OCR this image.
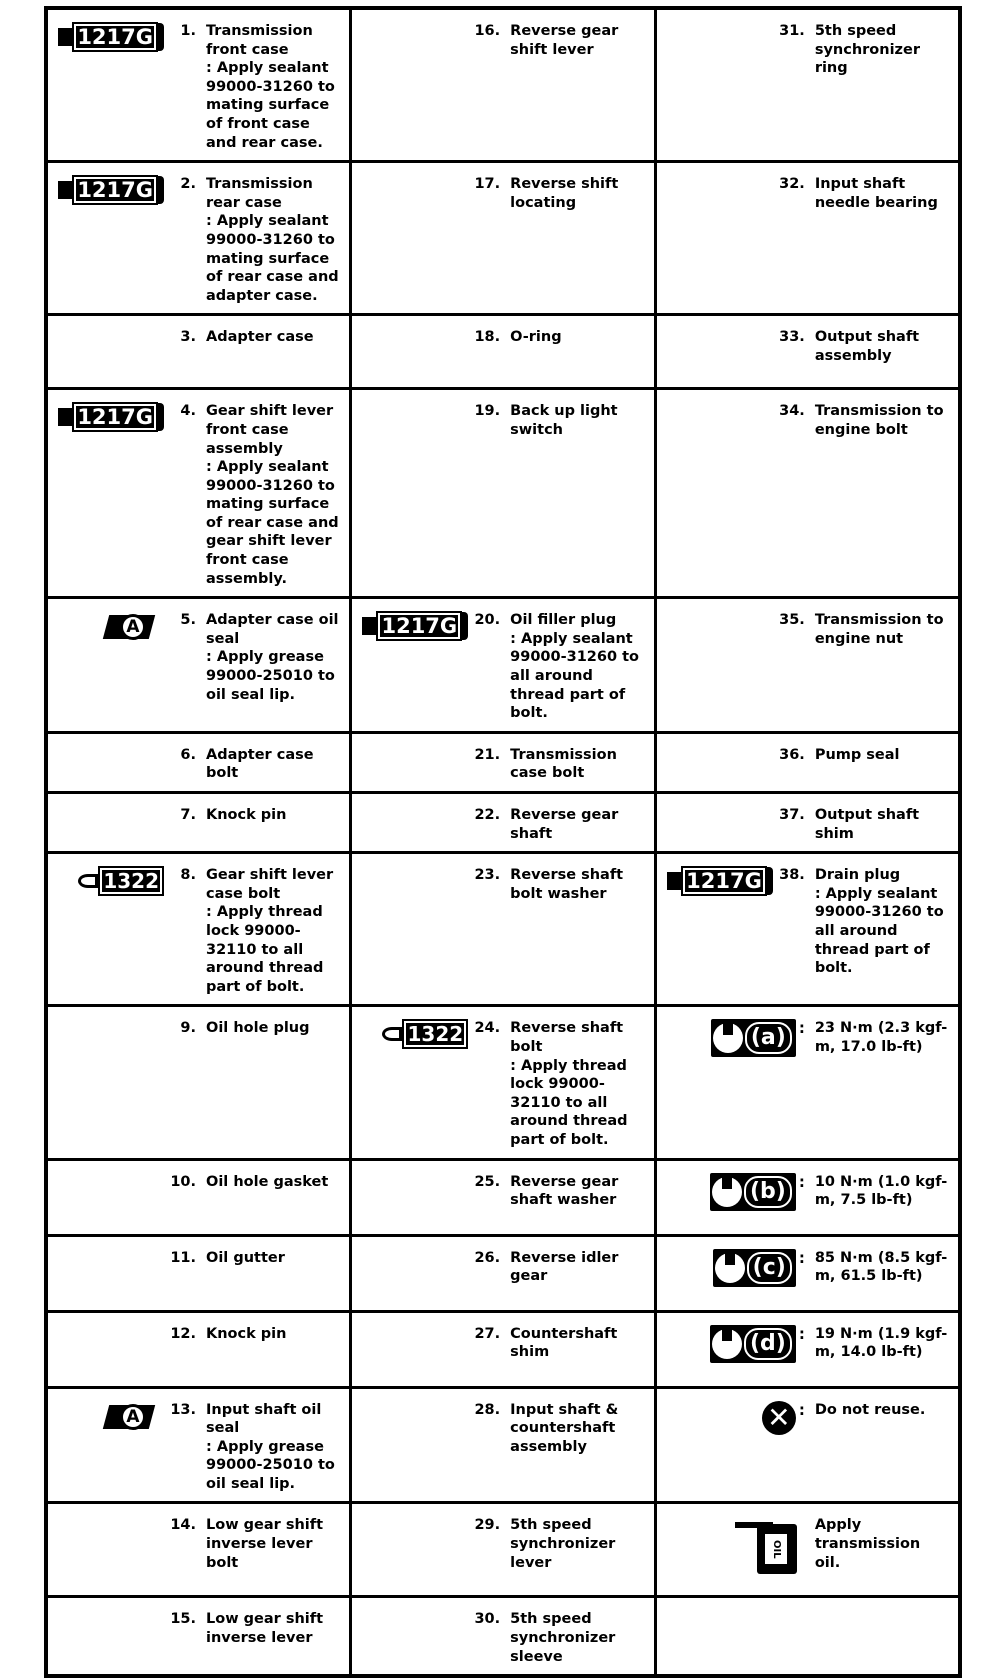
1217G 1. Transmission front case
: Apply sealant 99000-31260 to mating surface of front case and rear case.	16. Reverse gear shift lever	31. 5th speed synchronizer ring

1217G 2. Transmission rear case
: Apply sealant 99000-31260 to mating surface of rear case and adapter case.	17. Reverse shift locating	32. Input shaft needle bearing

3. Adapter case	18. O-ring	33. Output shaft assembly

1217G 4. Gear shift lever front case assembly
: Apply sealant 99000-31260 to mating surface of rear case and gear shift lever front case assembly.	19. Back up light switch	34. Transmission to engine bolt

A 5. Adapter case oil seal
: Apply grease 99000-25010 to oil seal lip.	1217G 20. Oil filler plug
: Apply sealant 99000-31260 to all around thread part of bolt.	35. Transmission to engine nut

6. Adapter case bolt	21. Transmission case bolt	36. Pump seal

7. Knock pin	22. Reverse gear shaft	37. Output shaft shim

1322 8. Gear shift lever case bolt
: Apply thread lock 99000-32110 to all around thread part of bolt.	23. Reverse shaft bolt washer	1217G 38. Drain plug
: Apply sealant 99000-31260 to all around thread part of bolt.

9. Oil hole plug	1322 24. Reverse shaft bolt
: Apply thread lock 99000-32110 to all around thread part of bolt.	(a) : 23 N·m (2.3 kgf-m, 17.0 lb-ft)

10. Oil hole gasket	25. Reverse gear shaft washer	(b) : 10 N·m (1.0 kgf-m, 7.5 lb-ft)

11. Oil gutter	26. Reverse idler gear	(c) : 85 N·m (8.5 kgf-m, 61.5 lb-ft)

12. Knock pin	27. Countershaft shim	(d) : 19 N·m (1.9 kgf-m, 14.0 lb-ft)

A 13. Input shaft oil seal
: Apply grease 99000-25010 to oil seal lip.	28. Input shaft & countershaft assembly	✕ : Do not reuse.

14. Low gear shift inverse lever bolt	29. 5th speed synchronizer lever	OIL
Apply transmission oil.

15. Low gear shift inverse lever	30. 5th speed synchronizer sleeve	
